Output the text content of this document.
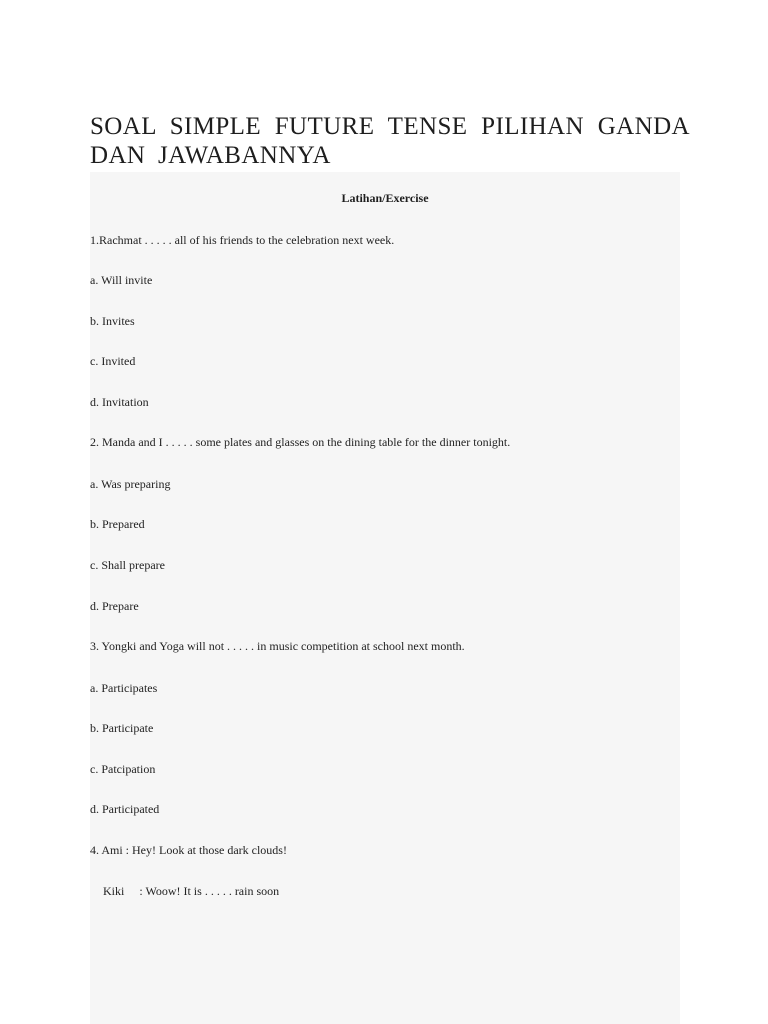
SOAL SIMPLE FUTURE TENSE PILIHAN GANDA DAN JAWABANNYA

Latihan/Exercise

1.Rachmat . . . . . all of his friends to the celebration next week.

a. Will invite

b. Invites

c. Invited

d. Invitation

2. Manda and I . . . . . some plates and glasses on the dining table for the dinner tonight.

a. Was preparing

b. Prepared

c. Shall prepare

d. Prepare

3. Yongki and Yoga will not . . . . . in music competition at school next month.

a. Participates

b. Participate

c. Patcipation

d. Participated

4. Ami : Hey! Look at those dark clouds!

Kiki     : Woow! It is . . . . . rain soon
